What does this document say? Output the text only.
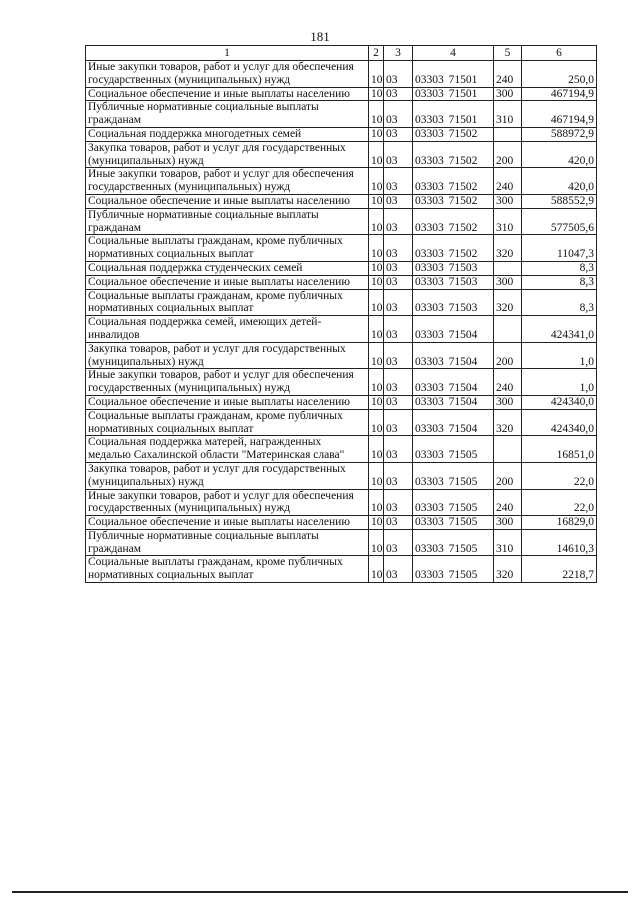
181
1	2	3	4	5	6
Иные закупки товаров, работ и услуг для обеспечения государственных (муниципальных) нужд	10	03	03303 71501	240	250,0
Социальное обеспечение и иные выплаты населению	10	03	03303 71501	300	467194,9
Публичные нормативные социальные выплаты гражданам	10	03	03303 71501	310	467194,9
Социальная поддержка многодетных семей	10	03	03303 71502		588972,9
Закупка товаров, работ и услуг для государственных (муниципальных) нужд	10	03	03303 71502	200	420,0
Иные закупки товаров, работ и услуг для обеспечения государственных (муниципальных) нужд	10	03	03303 71502	240	420,0
Социальное обеспечение и иные выплаты населению	10	03	03303 71502	300	588552,9
Публичные нормативные социальные выплаты гражданам	10	03	03303 71502	310	577505,6
Социальные выплаты гражданам, кроме публичных нормативных социальных выплат	10	03	03303 71502	320	11047,3
Социальная поддержка студенческих семей	10	03	03303 71503		8,3
Социальное обеспечение и иные выплаты населению	10	03	03303 71503	300	8,3
Социальные выплаты гражданам, кроме публичных нормативных социальных выплат	10	03	03303 71503	320	8,3
Социальная поддержка семей, имеющих детей-инвалидов	10	03	03303 71504		424341,0
Закупка товаров, работ и услуг для государственных (муниципальных) нужд	10	03	03303 71504	200	1,0
Иные закупки товаров, работ и услуг для обеспечения государственных (муниципальных) нужд	10	03	03303 71504	240	1,0
Социальное обеспечение и иные выплаты населению	10	03	03303 71504	300	424340,0
Социальные выплаты гражданам, кроме публичных нормативных социальных выплат	10	03	03303 71504	320	424340,0
Социальная поддержка матерей, награжденных медалью Сахалинской области "Материнская слава"	10	03	03303 71505		16851,0
Закупка товаров, работ и услуг для государственных (муниципальных) нужд	10	03	03303 71505	200	22,0
Иные закупки товаров, работ и услуг для обеспечения государственных (муниципальных) нужд	10	03	03303 71505	240	22,0
Социальное обеспечение и иные выплаты населению	10	03	03303 71505	300	16829,0
Публичные нормативные социальные выплаты гражданам	10	03	03303 71505	310	14610,3
Социальные выплаты гражданам, кроме публичных нормативных социальных выплат	10	03	03303 71505	320	2218,7
